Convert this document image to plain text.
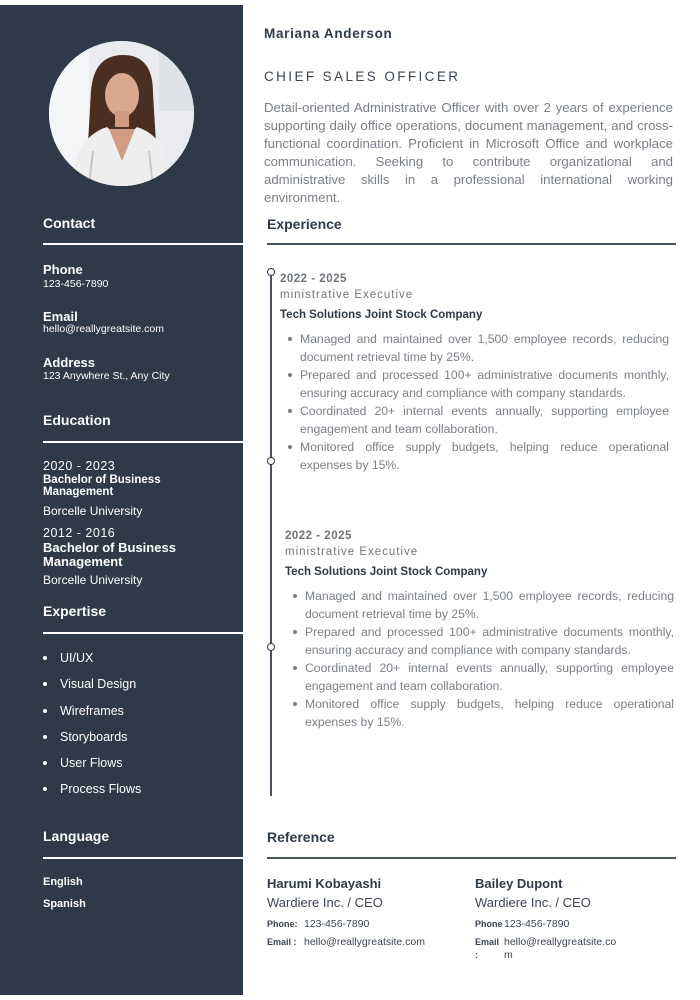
Contact
Phone
123-456-7890
Email
hello@reallygreatsite.com
Address
123 Anywhere St., Any City
Education
2020 - 2023
Bachelor of Business Management
Borcelle University
2012 - 2016
Bachelor of Business Management
Borcelle University
Expertise
UI/UX
Visual Design
Wireframes
Storyboards
User Flows
Process Flows
Language
English
Spanish
Mariana Anderson
CHIEF SALES OFFICER
Detail-oriented Administrative Officer with over 2 years of experience supporting daily office operations, document management, and cross-functional coordination. Proficient in Microsoft Office and workplace communication. Seeking to contribute organizational and administrative skills in a professional international working environment.
Experience
2022 - 2025
ministrative Executive
Tech Solutions Joint Stock Company
Managed and maintained over 1,500 employee records, reducing document retrieval time by 25%.
Prepared and processed 100+ administrative documents monthly, ensuring accuracy and compliance with company standards.
Coordinated 20+ internal events annually, supporting employee engagement and team collaboration.
Monitored office supply budgets, helping reduce operational expenses by 15%.
2022 - 2025
ministrative Executive
Tech Solutions Joint Stock Company
Managed and maintained over 1,500 employee records, reducing document retrieval time by 25%.
Prepared and processed 100+ administrative documents monthly, ensuring accuracy and compliance with company standards.
Coordinated 20+ internal events annually, supporting employee engagement and team collaboration.
Monitored office supply budgets, helping reduce operational expenses by 15%.
Reference
Harumi Kobayashi
Wardiere Inc. / CEO
Phone: 123-456-7890
Email : hello@reallygreatsite.com
Bailey Dupont
Wardiere Inc. / CEO
Phone 123-456-7890
Email :
hello@reallygreatsite.com
